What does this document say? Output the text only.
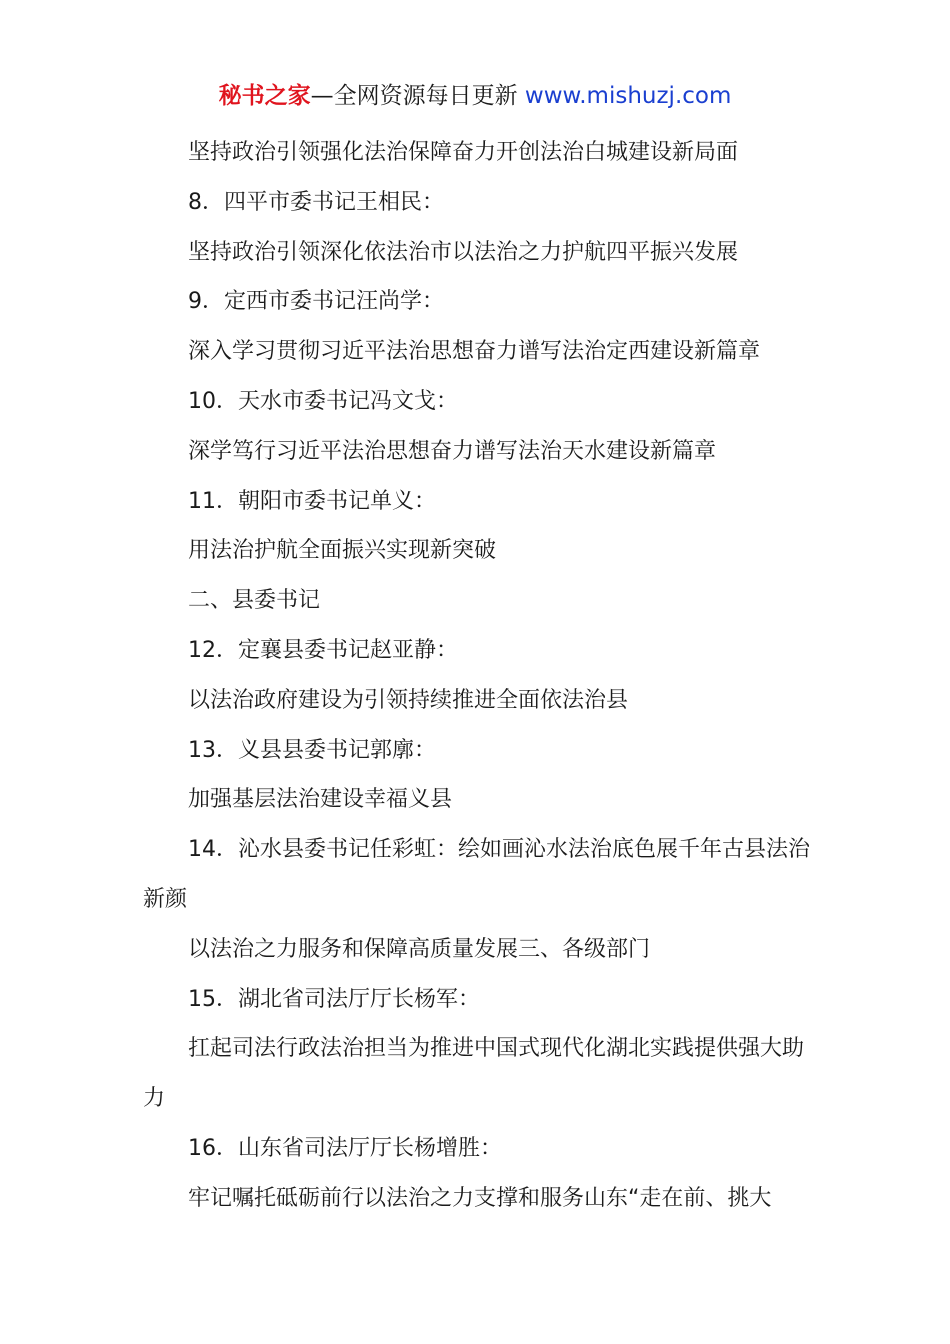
秘书之家—全网资源每日更新 www.mishuzj.com

坚持政治引领强化法治保障奋力开创法治白城建设新局面

8．四平市委书记王相民：

坚持政治引领深化依法治市以法治之力护航四平振兴发展

9．定西市委书记汪尚学：

深入学习贯彻习近平法治思想奋力谱写法治定西建设新篇章

10．天水市委书记冯文戈：

深学笃行习近平法治思想奋力谱写法治天水建设新篇章

11．朝阳市委书记单义：

用法治护航全面振兴实现新突破

二、县委书记

12．定襄县委书记赵亚静：

以法治政府建设为引领持续推进全面依法治县

13．义县县委书记郭廓：

加强基层法治建设幸福义县

14．沁水县委书记任彩虹：绘如画沁水法治底色展千年古县法治新颜

以法治之力服务和保障高质量发展三、各级部门

15．湖北省司法厅厅长杨军：

扛起司法行政法治担当为推进中国式现代化湖北实践提供强大助力

16．山东省司法厅厅长杨增胜：

牢记嘱托砥砺前行以法治之力支撑和服务山东“走在前、挑大
